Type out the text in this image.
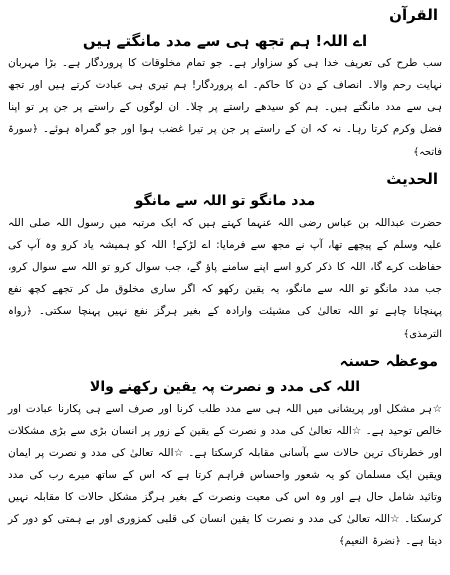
القرآن
اے اللہ! ہم تجھ ہی سے مدد مانگتے ہیں

سب طرح کی تعریف خدا ہی کو سزاوار ہے۔ جو تمام مخلوقات کا پروردگار ہے۔ بڑا مہربان نہایت رحم والا۔ انصاف کے دن کا حاکم۔ اے پروردگار! ہم تیری ہی عبادت کرتے ہیں اور تجھ ہی سے مدد مانگتے ہیں۔ ہم کو سیدھے راستے پر چلا۔ ان لوگوں کے راستے پر جن پر تو اپنا فضل وکرم کرتا رہا۔ نہ کہ ان کے راستے پر جن پر تیرا غضب ہوا اور جو گمراہ ہوئے۔ ﴿سورۃ فاتحہ﴾

الحدیث
مدد مانگو تو اللہ سے مانگو

حضرت عبداللہ بن عباس رضی اللہ عنہما کہتے ہیں کہ ایک مرتبہ میں رسول اللہ صلی اللہ علیہ وسلم کے پیچھے تھا، آپ نے مجھ سے فرمایا: اے لڑکے! اللہ کو ہمیشہ یاد کرو وہ آپ کی حفاظت کرے گا، اللہ کا ذکر کرو اسے اپنے سامنے پاؤ گے، جب سوال کرو تو اللہ سے سوال کرو، جب مدد مانگو تو اللہ سے مانگو، یہ یقین رکھو کہ اگر ساری مخلوق مل کر تجھے کچھ نفع پہنچانا چاہے تو اللہ تعالیٰ کی مشیئت وارادہ کے بغیر ہرگز نفع نہیں پہنچا سکتی۔ ﴿رواہ الترمذی﴾

موعظہ حسنہ
اللہ کی مدد و نصرت پہ یقین رکھنے والا

☆ہر مشکل اور پریشانی میں اللہ ہی سے مدد طلب کرنا اور صرف اسے ہی پکارنا عبادت اور خالص توحید ہے۔ ☆اللہ تعالیٰ کی مدد و نصرت کے یقین کے زور پر انسان بڑی سے بڑی مشکلات اور خطرناک ترین حالات سے بآسانی مقابلہ کرسکتا ہے۔ ☆اللہ تعالیٰ کی مدد و نصرت پر ایمان ویقین ایک مسلمان کو یہ شعور واحساس فراہم کرتا ہے کہ اس کے ساتھ میرے رب کی مدد وتائید شامل حال ہے اور وہ اس کی معیت ونصرت کے بغیر ہرگز مشکل حالات کا مقابلہ نہیں کرسکتا۔ ☆اللہ تعالیٰ کی مدد و نصرت کا یقین انسان کی قلبی کمزوری اور بے ہمتی کو دور کر دیتا ہے۔ ﴿نضرۃ النعیم﴾
